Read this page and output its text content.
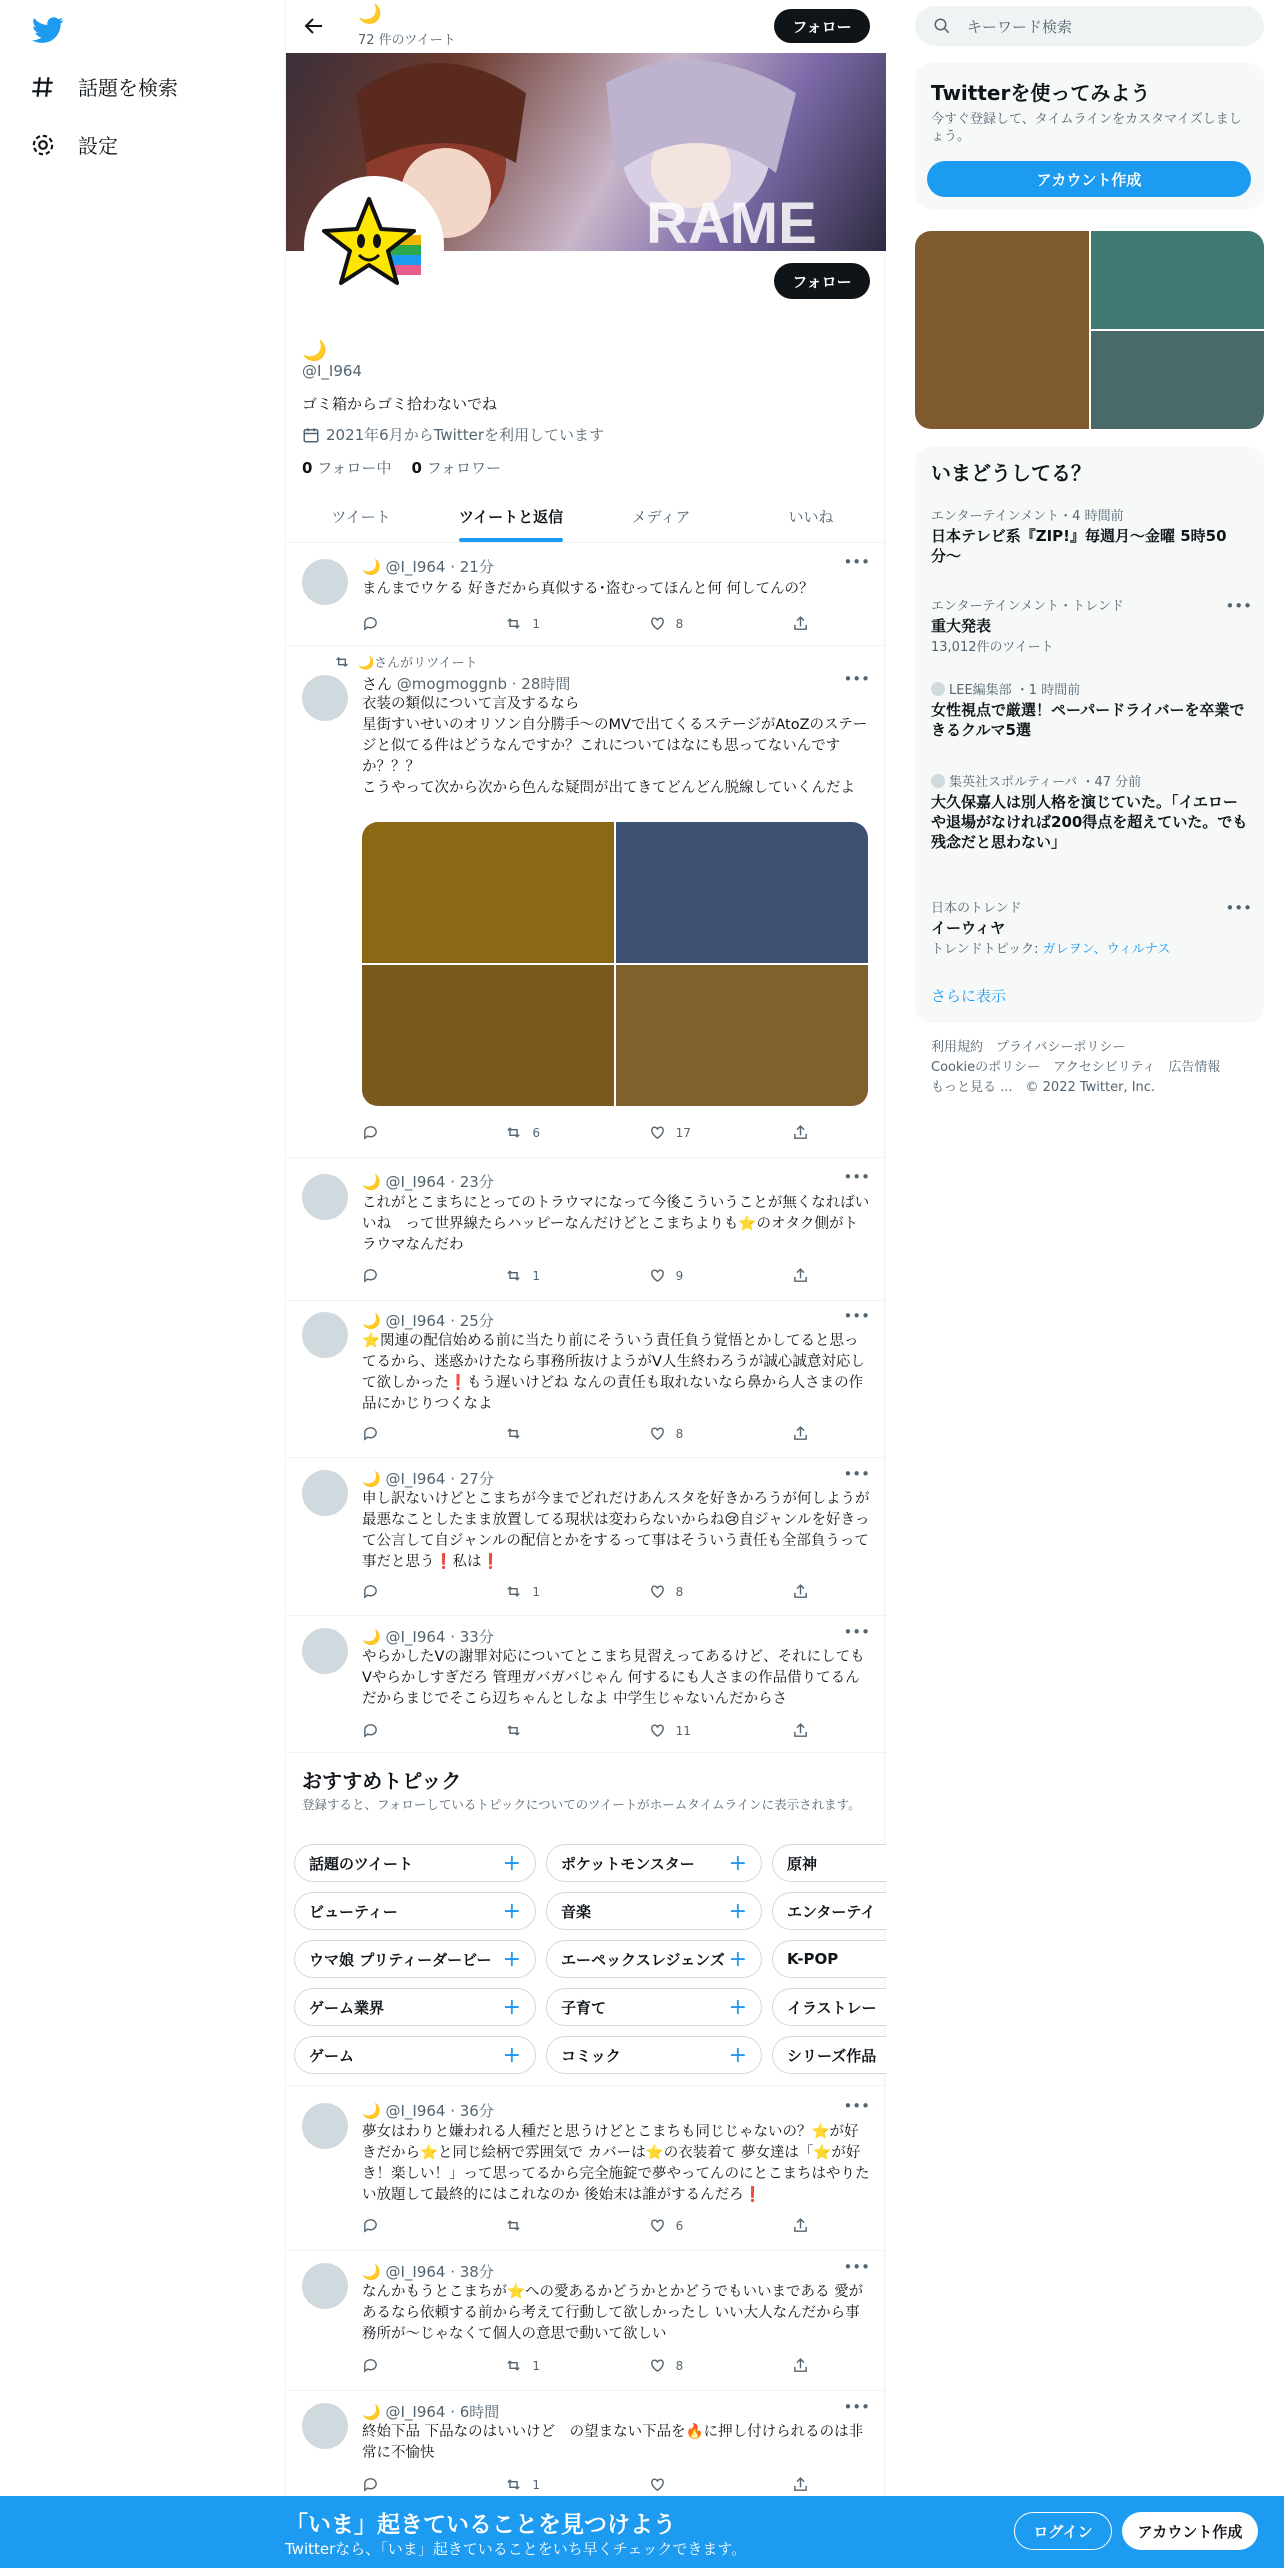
話題を検索
設定
🌙
72 件のツイート
フォロー
RAME
フォロー
🌙
@I_I964
ゴミ箱からゴミ拾わないでね
2021年6月からTwitterを利用しています
0 フォロー中 0 フォロワー
ツイート	ツイートと返信	メディア	いいね
🌙 @I_I964 · 21分	•••
まんまでウケる 好きだから真似する･盗むってほんと何 何してんの？
1	8
🌙さんがリツイート
さん @mogmoggnb · 28時間	•••
衣装の類似について言及するなら
星街すいせいのオリソン自分勝手～のMVで出てくるステージがAtoZのステージと似てる件はどうなんですか？これについてはなにも思ってないんですか？？？
こうやって次から次から色んな疑問が出てきてどんどん脱線していくんだよ
6	17
🌙 @I_I964 · 23分	•••
これがとこまちにとってのトラウマになって今後こういうことが無くなればいいね　って世界線たらハッピーなんだけどとこまちよりも⭐のオタク側がトラウマなんだわ
1	9
🌙 @I_I964 · 25分	•••
⭐関連の配信始める前に当たり前にそういう責任負う覚悟とかしてると思ってるから、迷惑かけたなら事務所抜けようがV人生終わろうが誠心誠意対応して欲しかった❗もう遅いけどね なんの責任も取れないなら鼻から人さまの作品にかじりつくなよ
8
🌙 @I_I964 · 27分	•••
申し訳ないけどとこまちが今までどれだけあんスタを好きかろうが何しようが最悪なことしたまま放置してる現状は変わらないからね😢自ジャンルを好きって公言して自ジャンルの配信とかをするって事はそういう責任も全部負うって事だと思う❗私は❗
1	8
🌙 @I_I964 · 33分	•••
やらかしたVの謝罪対応についてとこまち見習えってあるけど、それにしてもVやらかしすぎだろ 管理ガバガバじゃん 何するにも人さまの作品借りてるんだからまじでそこら辺ちゃんとしなよ 中学生じゃないんだからさ
11
おすすめトピック
登録すると、フォローしているトピックについてのツイートがホームタイムラインに表示されます。
話題のツイート	+	ポケットモンスター +	原神
ビューティー	+	音楽	+	エンターテイ
ウマ娘 プリティーダービー +	エーペックスレジェンズ +	K-POP
ゲーム業界	+	子育て	+	イラストレー
ゲーム	+	コミック	+	シリーズ作品
🌙 @I_I964 · 36分	•••
夢女はわりと嫌われる人種だと思うけどとこまちも同じじゃないの？⭐が好きだから⭐と同じ絵柄で雰囲気で カバーは⭐の衣装着て 夢女達は「⭐が好き！楽しい！」って思ってるから完全施錠で夢やってんのにとこまちはやりたい放題して最終的にはこれなのか 後始末は誰がするんだろ❗
6
🌙 @I_I964 · 38分	•••
なんかもうとこまちが⭐への愛あるかどうかとかどうでもいいまである 愛があるなら依頼する前から考えて行動して欲しかったし いい大人なんだから事務所が〜じゃなくて個人の意思で動いて欲しい
1	8
🌙 @I_I964 · 6時間	•••
終始下品 下品なのはいいけど　の望まない下品を🔥に押し付けられるのは非常に不愉快
1
キーワード検索
Twitterを使ってみよう
今すぐ登録して、タイムラインをカスタマイズしましょう。
アカウント作成
いまどうしてる？
エンターテインメント・4 時間前
日本テレビ系『ZIP!』毎週月〜金曜 5時50分〜
エンターテインメント・トレンド
重大発表
13,012件のツイート
•••
LEE編集部 ・1 時間前
女性視点で厳選！ペーパードライバーを卒業できるクルマ5選
集英社スポルティーバ ・47 分前
大久保嘉人は別人格を演じていた。「イエローや退場がなければ200得点を超えていた。でも残念だと思わない」
日本のトレンド
イーウィヤ
トレンドトピック: ガレヲン、ウィルナス
•••
さらに表示
利用規約　プライバシーポリシー
Cookieのポリシー　アクセシビリティ　広告情報
もっと見る ...　© 2022 Twitter, Inc.
「いま」起きていることを見つけよう
Twitterなら、「いま」起きていることをいち早くチェックできます。
ログイン	アカウント作成
